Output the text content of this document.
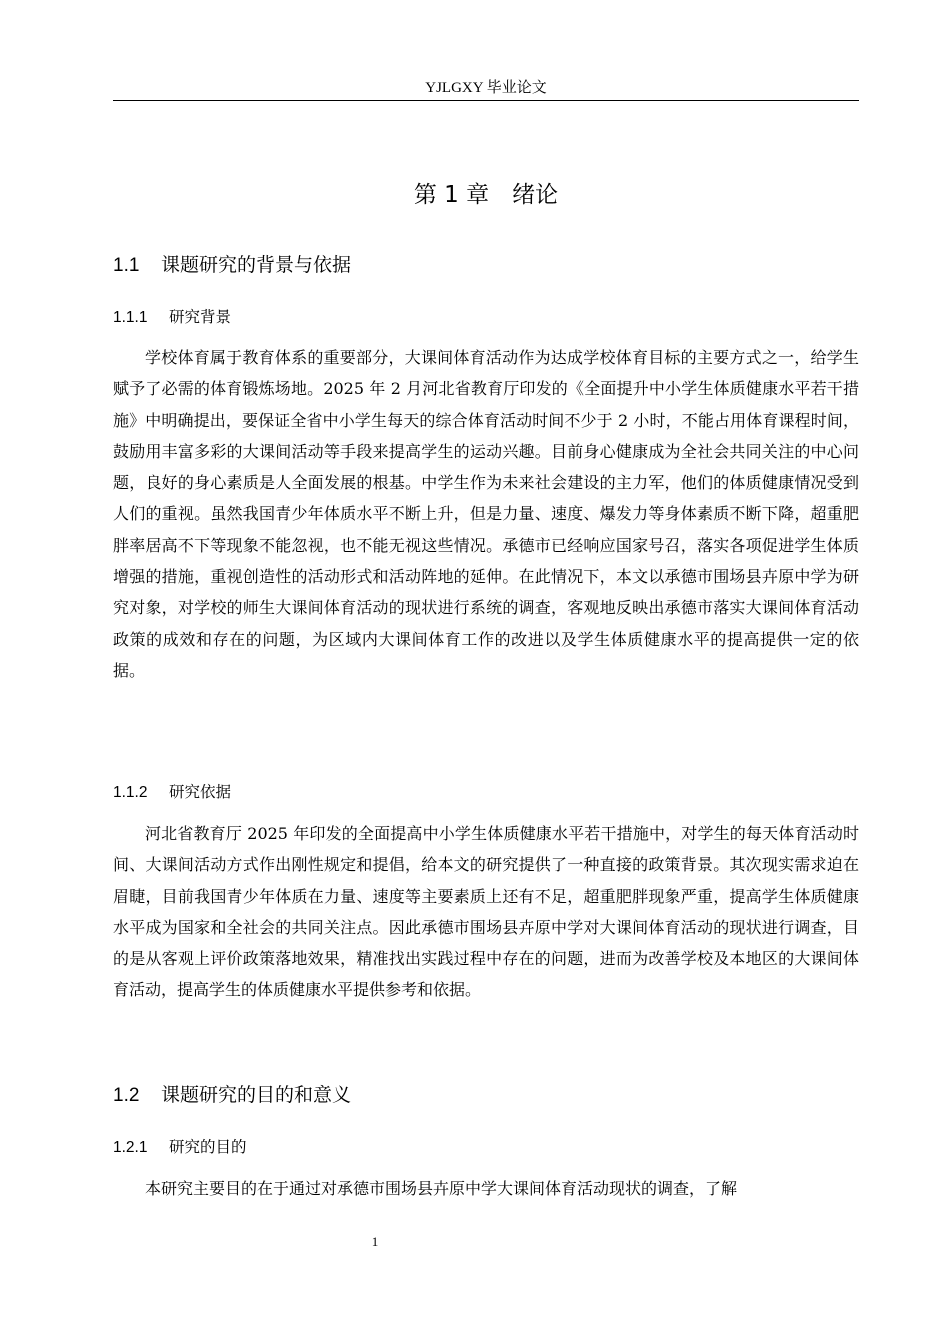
YJLGXY 毕业论文
第 1 章　绪论
1.1 课题研究的背景与依据
1.1.1 研究背景

学校体育属于教育体系的重要部分，大课间体育活动作为达成学校体育目标的主要方式之一，给学生赋予了必需的体育锻炼场地。2025 年 2 月河北省教育厅印发的《全面提升中小学生体质健康水平若干措施》中明确提出，要保证全省中小学生每天的综合体育活动时间不少于 2 小时，不能占用体育课程时间，鼓励用丰富多彩的大课间活动等手段来提高学生的运动兴趣。目前身心健康成为全社会共同关注的中心问题，良好的身心素质是人全面发展的根基。中学生作为未来社会建设的主力军，他们的体质健康情况受到人们的重视。虽然我国青少年体质水平不断上升，但是力量、速度、爆发力等身体素质不断下降，超重肥胖率居高不下等现象不能忽视，也不能无视这些情况。承德市已经响应国家号召，落实各项促进学生体质增强的措施，重视创造性的活动形式和活动阵地的延伸。在此情况下，本文以承德市围场县卉原中学为研究对象，对学校的师生大课间体育活动的现状进行系统的调查，客观地反映出承德市落实大课间体育活动政策的成效和存在的问题，为区域内大课间体育工作的改进以及学生体质健康水平的提高提供一定的依据。

1.1.2 研究依据

河北省教育厅 2025 年印发的全面提高中小学生体质健康水平若干措施中，对学生的每天体育活动时间、大课间活动方式作出刚性规定和提倡，给本文的研究提供了一种直接的政策背景。其次现实需求迫在眉睫，目前我国青少年体质在力量、速度等主要素质上还有不足，超重肥胖现象严重，提高学生体质健康水平成为国家和全社会的共同关注点。因此承德市围场县卉原中学对大课间体育活动的现状进行调查，目的是从客观上评价政策落地效果，精准找出实践过程中存在的问题，进而为改善学校及本地区的大课间体育活动，提高学生的体质健康水平提供参考和依据。

1.2 课题研究的目的和意义
1.2.1 研究的目的

本研究主要目的在于通过对承德市围场县卉原中学大课间体育活动现状的调查，了解

1
